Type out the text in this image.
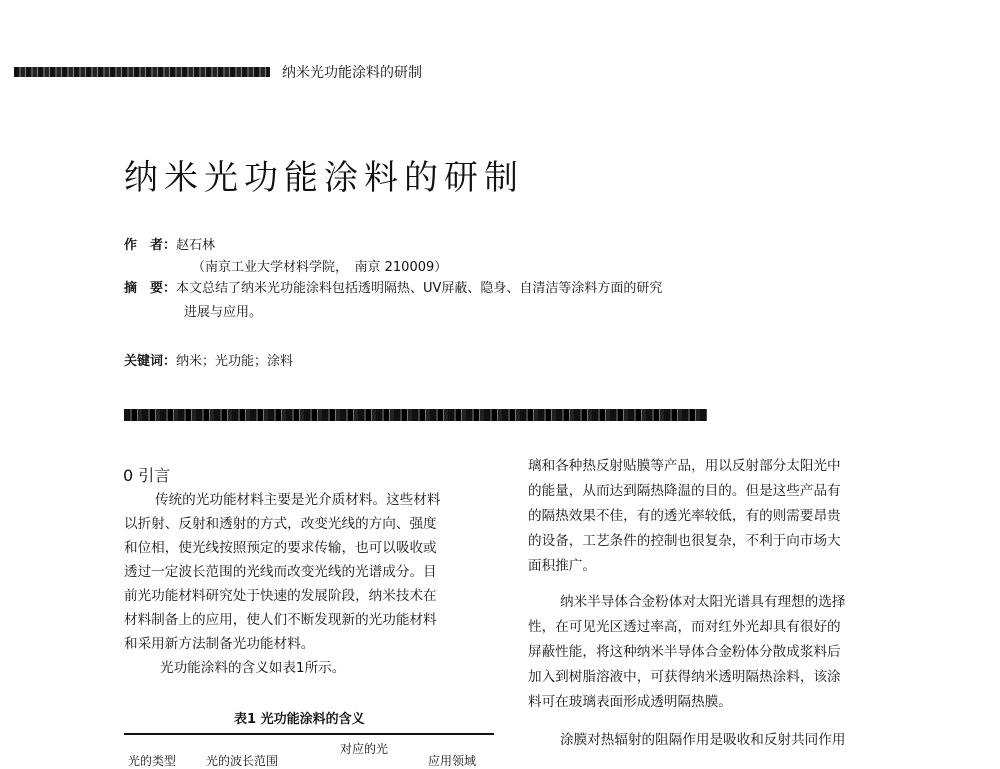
纳米光功能涂料的研制
纳米光功能涂料的研制
作　者：赵石林
（南京工业大学材料学院，　南京 210009）
摘　要：本文总结了纳米光功能涂料包括透明隔热、UV屏蔽、隐身、自清洁等涂料方面的研究
进展与应用。
关键词：纳米；光功能；涂料
0 引言
传统的光功能材料主要是光介质材料。这些材料
以折射、反射和透射的方式，改变光线的方向、强度
和位相，使光线按照预定的要求传输，也可以吸收或
透过一定波长范围的光线而改变光线的光谱成分。目
前光功能材料研究处于快速的发展阶段，纳米技术在
材料制备上的应用，使人们不断发现新的光功能材料
和采用新方法制备光功能材料。
光功能涂料的含义如表1所示。
表1 光功能涂料的含义
光的类型 光的波长范围
对应的光
应用领域
璃和各种热反射贴膜等产品，用以反射部分太阳光中
的能量，从而达到隔热降温的目的。但是这些产品有
的隔热效果不佳，有的透光率较低，有的则需要昂贵
的设备，工艺条件的控制也很复杂，不利于向市场大
面积推广。
纳米半导体合金粉体对太阳光谱具有理想的选择
性，在可见光区透过率高，而对红外光却具有很好的
屏蔽性能，将这种纳米半导体合金粉体分散成浆料后
加入到树脂溶液中，可获得纳米透明隔热涂料，该涂
料可在玻璃表面形成透明隔热膜。
涂膜对热辐射的阻隔作用是吸收和反射共同作用
